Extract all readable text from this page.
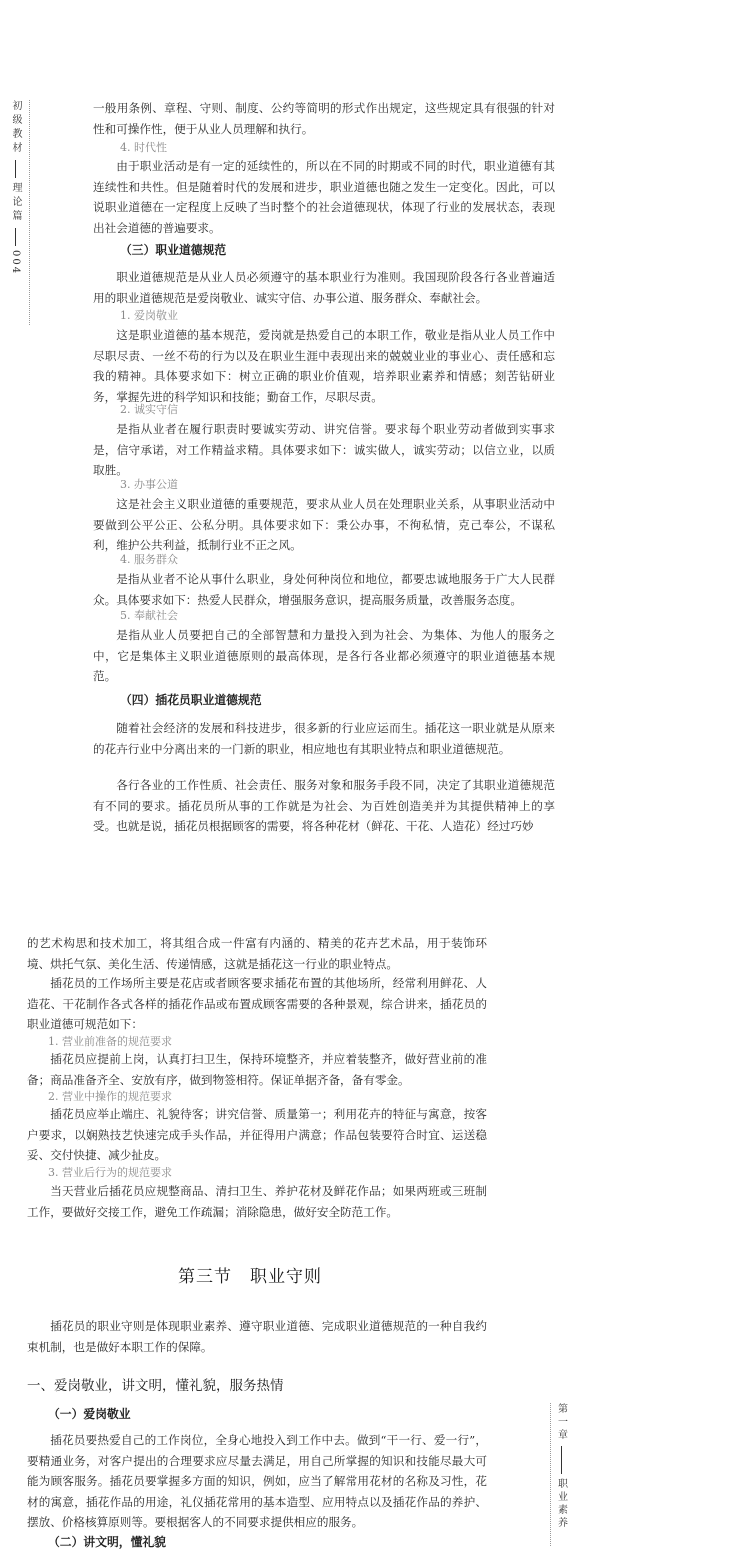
初级教材
理论篇
004

一般用条例、章程、守则、制度、公约等简明的形式作出规定，这些规定具有很强的针对性和可操作性，便于从业人员理解和执行。

4. 时代性

由于职业活动是有一定的延续性的，所以在不同的时期或不同的时代，职业道德有其连续性和共性。但是随着时代的发展和进步，职业道德也随之发生一定变化。因此，可以说职业道德在一定程度上反映了当时整个的社会道德现状，体现了行业的发展状态，表现出社会道德的普遍要求。

（三）职业道德规范

职业道德规范是从业人员必须遵守的基本职业行为准则。我国现阶段各行各业普遍适用的职业道德规范是爱岗敬业、诚实守信、办事公道、服务群众、奉献社会。

1. 爱岗敬业

这是职业道德的基本规范，爱岗就是热爱自己的本职工作，敬业是指从业人员工作中尽职尽责、一丝不苟的行为以及在职业生涯中表现出来的兢兢业业的事业心、责任感和忘我的精神。具体要求如下：树立正确的职业价值观，培养职业素养和情感；刻苦钻研业务，掌握先进的科学知识和技能；勤奋工作，尽职尽责。

2. 诚实守信

是指从业者在履行职责时要诚实劳动、讲究信誉。要求每个职业劳动者做到实事求是，信守承诺，对工作精益求精。具体要求如下：诚实做人，诚实劳动；以信立业，以质取胜。

3. 办事公道

这是社会主义职业道德的重要规范，要求从业人员在处理职业关系，从事职业活动中要做到公平公正、公私分明。具体要求如下：秉公办事，不徇私情，克己奉公，不谋私利，维护公共利益，抵制行业不正之风。

4. 服务群众

是指从业者不论从事什么职业，身处何种岗位和地位，都要忠诚地服务于广大人民群众。具体要求如下：热爱人民群众，增强服务意识，提高服务质量，改善服务态度。

5. 奉献社会

是指从业人员要把自己的全部智慧和力量投入到为社会、为集体、为他人的服务之中，它是集体主义职业道德原则的最高体现，是各行各业都必须遵守的职业道德基本规范。

（四）插花员职业道德规范

随着社会经济的发展和科技进步，很多新的行业应运而生。插花这一职业就是从原来的花卉行业中分离出来的一门新的职业，相应地也有其职业特点和职业道德规范。

各行各业的工作性质、社会责任、服务对象和服务手段不同，决定了其职业道德规范有不同的要求。插花员所从事的工作就是为社会、为百姓创造美并为其提供精神上的享受。也就是说，插花员根据顾客的需要，将各种花材（鲜花、干花、人造花）经过巧妙

的艺术构思和技术加工，将其组合成一件富有内涵的、精美的花卉艺术品，用于装饰环境、烘托气氛、美化生活、传递情感，这就是插花这一行业的职业特点。

插花员的工作场所主要是花店或者顾客要求插花布置的其他场所，经常利用鲜花、人造花、干花制作各式各样的插花作品或布置成顾客需要的各种景观，综合讲来，插花员的职业道德可规范如下：

1. 营业前准备的规范要求

插花员应提前上岗，认真打扫卫生，保持环境整齐，并应着装整齐，做好营业前的准备；商品准备齐全、安放有序，做到物签相符。保证单据齐备，备有零金。

2. 营业中操作的规范要求

插花员应举止端庄、礼貌待客；讲究信誉、质量第一；利用花卉的特征与寓意，按客户要求，以娴熟技艺快速完成手头作品，并征得用户满意；作品包装要符合时宜、运送稳妥、交付快捷、减少扯皮。

3. 营业后行为的规范要求

当天营业后插花员应规整商品、清扫卫生、养护花材及鲜花作品；如果两班或三班制工作，要做好交接工作，避免工作疏漏；消除隐患，做好安全防范工作。

第三节　职业守则

插花员的职业守则是体现职业素养、遵守职业道德、完成职业道德规范的一种自我约束机制，也是做好本职工作的保障。

一、爱岗敬业，讲文明，懂礼貌，服务热情

（一）爱岗敬业

插花员要热爱自己的工作岗位，全身心地投入到工作中去。做到“干一行、爱一行”，要精通业务，对客户提出的合理要求应尽量去满足，用自己所掌握的知识和技能尽最大可能为顾客服务。插花员要掌握多方面的知识，例如，应当了解常用花材的名称及习性，花材的寓意，插花作品的用途，礼仪插花常用的基本造型、应用特点以及插花作品的养护、摆放、价格核算原则等。要根据客人的不同要求提供相应的服务。

（二）讲文明，懂礼貌

第一章
职业素养
